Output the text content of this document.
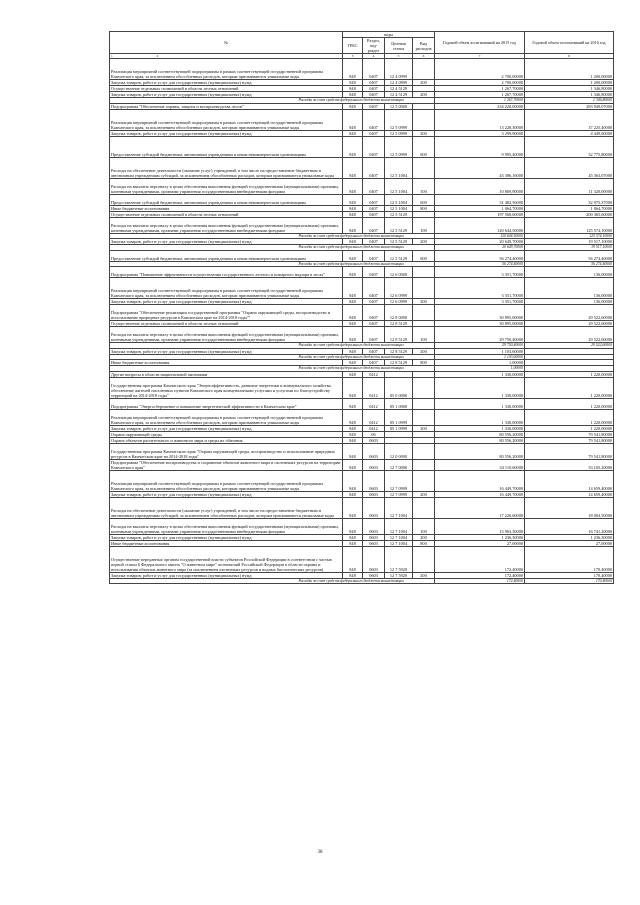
№	коды				Годовой объем ассигнований на 2015 год	Годовой объем ассигнований на 2016 год
	ГРБС	Раздел, под- раздел	Целевая статья	Вид расходов		
1                                                  2	3	4	5	6	7	8
Реализация мероприятий соответствующей подпрограммы в рамках соответствующей государственной программы Камчатского края, за исключением обособленных расходов, которым присваиваются уникальные коды	848	0407	12 4 0999		2 700,00000	1 200,00000
Закупка товаров, работ и услуг для государственных (муниципальных) нужд	848	0407	12 4 0999	200	2 700,00000	1 200,00000
Осуществление отдельных полномочий в области лесных отношений	848	0407	12 4 5129		1 267,70000	1 346,80000
Закупка товаров, работ и услуг для государственных (муниципальных) нужд	848	0407	12 4 5129	200	1 267,70000	1 346,80000
Расходы за счет средств федерального бюджета вышестоящих					1 267,70000	1 346,80000
Подпрограмма "Обеспечение охраны, защиты и воспроизводства лесов"	848	0407	12 5 0000		234 220,00000	283 949,07000
Реализация мероприятий соответствующей подпрограммы в рамках соответствующей государственной программы Камчатского края, за исключением обособленных расходов, которым присваиваются уникальные коды	848	0407	12 5 0999		13 228,30000	37 225,40000
Закупка товаров, работ и услуг для государственных (муниципальных) нужд	848	0407	12 5 0999	200	3 299,90000	4 449,60000
Предоставление субсидий бюджетным, автономным учреждениям и иным некоммерческим организациям	848	0407	12 5 0999	600	9 995,40000	32 775,80000
Расходы на обеспечение деятельности (оказание услуг) учреждений, в том числе на предоставление бюджетным и автономным учреждениям субсидий, за исключением обособленных расходов, которым присваиваются уникальные коды	848	0407	12 5 1004		43 386,16000	45 363,07000
Расходы на выплаты персоналу в целях обеспечения выполнения функций государственными (муниципальными) органами, казенными учреждениями, органами управления государственными внебюджетными фондами	848	0407	12 5 1004	100	10 869,90000	11 320,00000
Предоставление субсидий бюджетным, автономным учреждениям и иным некоммерческим организациям	848	0407	12 5 1004	600	31 482,56000	32 975,37000
Иные бюджетные ассигнования	848	0407	12 5 1004	800	1 064,70000	1 064,70000
Осуществление отдельных полномочий в области лесных отношений	848	0407	12 5 5129		197 568,60000	200 365,60000
Расходы на выплаты персоналу в целях обеспечения выполнения функций государственными (муниципальными) органами, казенными учреждениями, органами управления государственными внебюджетными фондами	848	0407	12 5 5129	100	120 644,50000	125 574,10000
Расходы за счет средств федерального бюджета вышестоящих					120 644,50000	125 574,10000
Закупка товаров, работ и услуг для государственных (муниципальных) нужд	848	0407	12 5 5129	200	20 649,70000	19 517,10000
Расходы за счет средств федерального бюджета вышестоящих					20 649,70000	19 517,10000
Предоставление субсидий бюджетным, автономным учреждениям и иным некоммерческим организациям	848	0407	12 5 5129	600	56 274,40000	56 274,40000
Расходы за счет средств федерального бюджета вышестоящих					56 274,40000	56 274,40000
Подпрограмма "Повышение эффективности осуществления государственного лесного и пожарного надзора в лесах"	848	0407	12 6 0000		3 351,70000	136,00000
Реализация мероприятий соответствующей подпрограммы в рамках соответствующей государственной программы Камчатского края, за исключением обособленных расходов, которым присваиваются уникальные коды	848	0407	12 6 0999		3 351,70000	136,00000
Закупка товаров, работ и услуг для государственных (муниципальных) нужд	848	0407	12 6 0999	200	3 351,70000	136,00000
Подпрограмма "Обеспечение реализации государственной программы "Охрана окружающей среды, воспроизводство и использование природных ресурсов в Камчатском крае на 2014-2018 годы""	848	0407	12 8 0000		30 895,00000	29 522,60000
Осуществление отдельных полномочий в области лесных отношений	848	0407	12 8 5129		30 895,00000	29 522,60000
Расходы на выплаты персоналу в целях обеспечения выполнения функций государственными (муниципальными) органами, казенными учреждениями, органами управления государственными внебюджетными фондами	848	0407	12 8 5129	100	29 750,40000	29 522,60000
Расходы за счет средств федерального бюджета вышестоящих					29 750,40000	29 522,60000
Закупка товаров, работ и услуг для государственных (муниципальных) нужд	848	0407	12 8 5129	200	1 103,60000	
Расходы за счет средств федерального бюджета вышестоящих					1 103,60000	
Иные бюджетные ассигнования	848	0407	12 8 5129	800	1,00000	
Расходы за счет средств федерального бюджета вышестоящих					1,00000	
Другие вопросы в области национальной экономики	848	0412			1 330,00000	1 220,00000
Государственная программа Камчатского края "Энергоэффективность, развитие энергетики и коммунального хозяйства, обеспечение жителей населенных пунктов Камчатского края коммунальными услугами и услугами по благоустройству территорий на 2014-2018 годы"	848	0412	05 0 0000		1 330,00000	1 220,00000
Подпрограмма "Энергосбережение и повышение энергетической эффективности в Камчатском крае"	848	0412	05 1 0000		1 330,00000	1 220,00000
Реализация мероприятий соответствующей подпрограммы в рамках соответствующей государственной программы Камчатского края, за исключением обособленных расходов, которым присваиваются уникальные коды	848	0412	05 1 0999		1 330,00000	1 220,00000
Закупка товаров, работ и услуг для государственных (муниципальных) нужд	848	0412	05 1 0999	200	1 330,00000	1 220,00000
Охрана окружающей среды	848	06			80 556,20000	79 541,80000
Охрана объектов растительного и животного мира и среды их обитания	848	0603			80 556,20000	79 541,80000
Государственная программа Камчатского края "Охрана окружающей среды, воспроизводство и использование природных ресурсов в Камчатском крае на 2014-2018 годы"	848	0603	12 0 0000		80 556,20000	79 541,80000
Подпрограмма "Обеспечение воспроизводства и сохранение объектов животного мира и охотничьих ресурсов на территории Камчатского края"	848	0603	12 7 0000		34 110,60000	33 105,20000
Реализация мероприятий соответствующей подпрограммы в рамках соответствующей государственной программы Камчатского края, за исключением обособленных расходов, которым присваиваются уникальные коды	848	0603	12 7 0999		16 449,70000	14 659,40000
Закупка товаров, работ и услуг для государственных (муниципальных) нужд	848	0603	12 7 0999	200	16 449,70000	14 659,40000
Расходы на обеспечение деятельности (оказание услуг) учреждений, в том числе на предоставление бюджетным и автономным учреждениям субсидий, за исключением обособленных расходов, которым присваиваются уникальные коды	848	0603	12 7 1004		17 226,60000	18 004,50000
Расходы на выплаты персоналу в целях обеспечения выполнения функций государственными (муниципальными) органами, казенными учреждениями, органами управления государственными внебюджетными фондами	848	0603	12 7 1004	100	15 963,30000	16 741,20000
Закупка товаров, работ и услуг для государственных (муниципальных) нужд	848	0603	12 7 1004	200	1 236,30000	1 236,30000
Иные бюджетные ассигнования	848	0603	12 7 1004	800	27,00000	27,00000
Осуществление переданных органам государственной власти субъектов Российской Федерации в соответствии с частью первой статьи 6 Федерального закона "О животном мире" полномочий Российской Федерации в области охраны и использования объектов животного мира (за исключением охотничьих ресурсов и водных биологических ресурсов)	848	0603	12 7 5920		172,40000	170,40000
Закупка товаров, работ и услуг для государственных (муниципальных) нужд	848	0603	12 7 5920	200	172,40000	170,40000
Расходы за счет средств федерального бюджета вышестоящих					172,40000	170,40000
38
